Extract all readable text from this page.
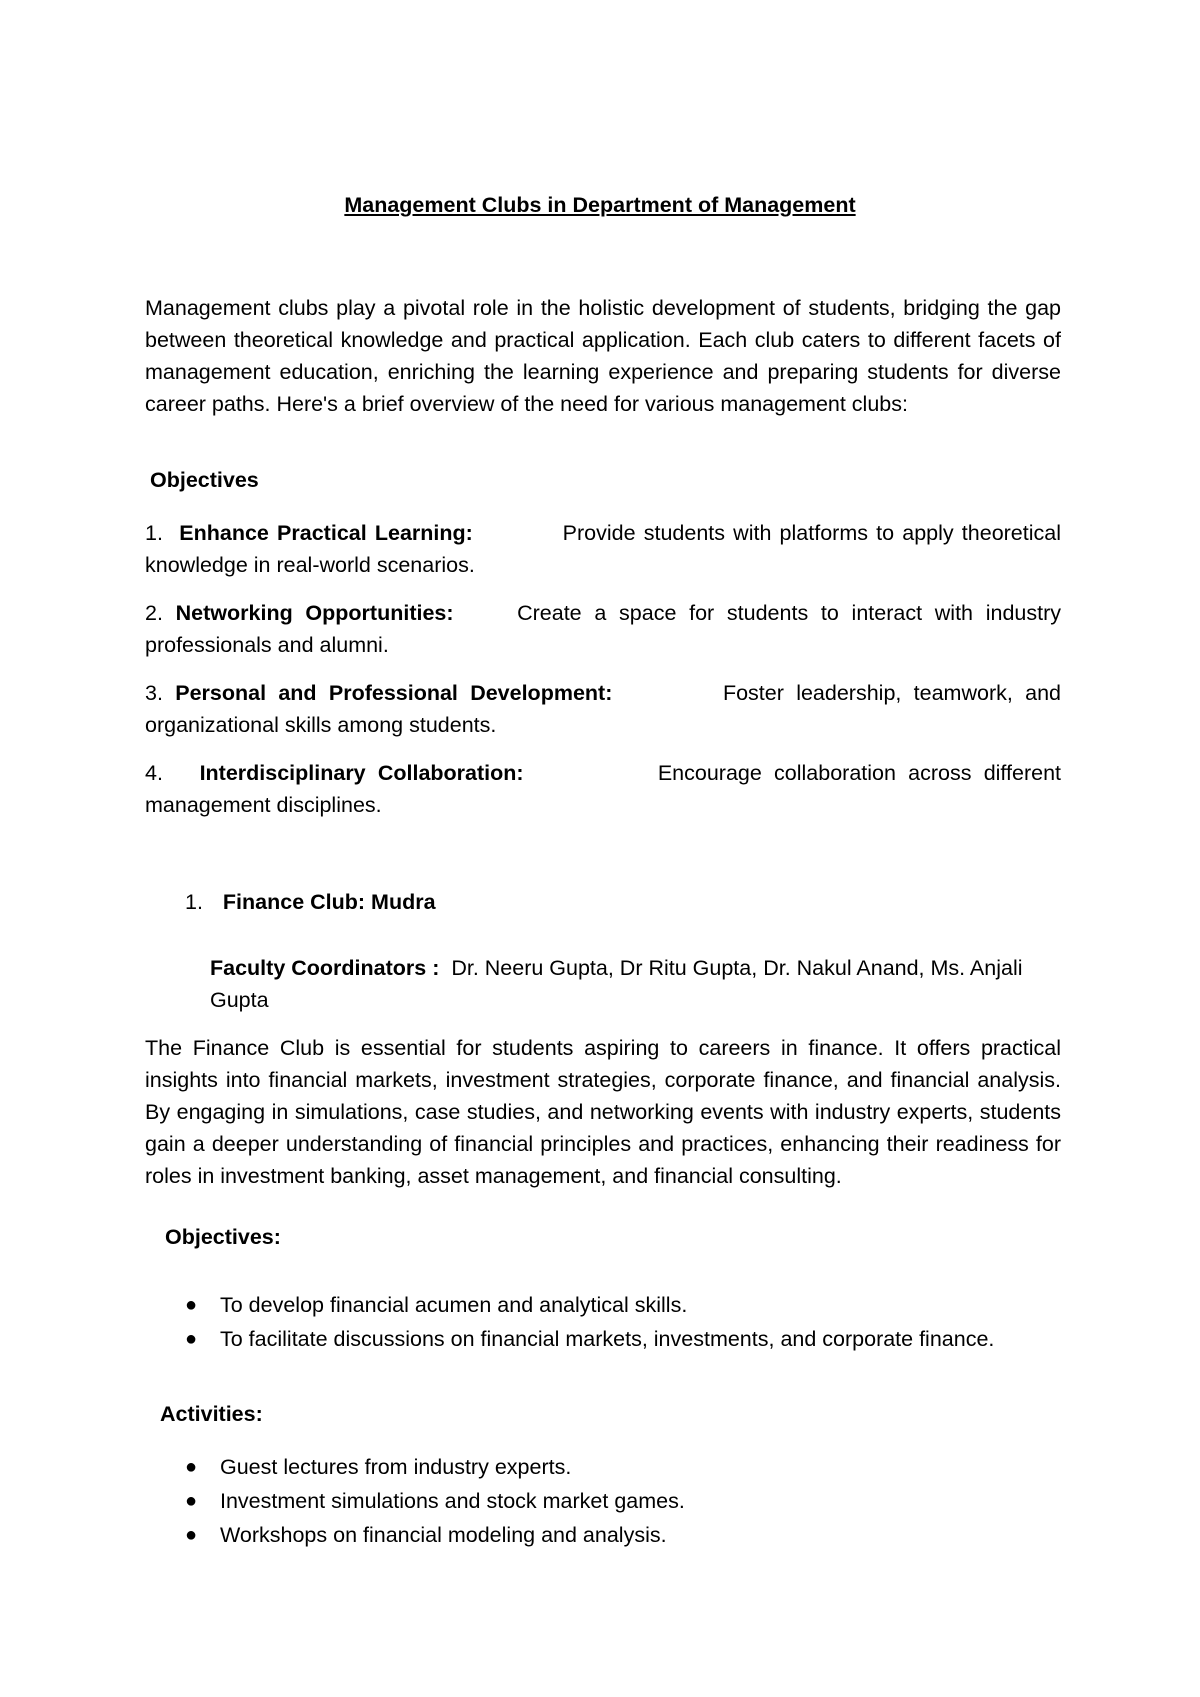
Management Clubs in Department of Management
Management clubs play a pivotal role in the holistic development of students, bridging the gap between theoretical knowledge and practical application. Each club caters to different facets of management education, enriching the learning experience and preparing students for diverse career paths. Here's a brief overview of the need for various management clubs:
Objectives
1. Enhance Practical Learning:	Provide students with platforms to apply theoretical knowledge in real-world scenarios.
2. Networking Opportunities:	Create a space for students to interact with industry professionals and alumni.
3. Personal and Professional Development:	Foster leadership, teamwork, and organizational skills among students.
4. Interdisciplinary Collaboration:	Encourage collaboration across different management disciplines.
1. Finance Club: Mudra
Faculty Coordinators : Dr. Neeru Gupta, Dr Ritu Gupta, Dr. Nakul Anand, Ms. Anjali Gupta
The Finance Club is essential for students aspiring to careers in finance. It offers practical insights into financial markets, investment strategies, corporate finance, and financial analysis. By engaging in simulations, case studies, and networking events with industry experts, students gain a deeper understanding of financial principles and practices, enhancing their readiness for roles in investment banking, asset management, and financial consulting.
Objectives:
● To develop financial acumen and analytical skills.
● To facilitate discussions on financial markets, investments, and corporate finance.
Activities:
● Guest lectures from industry experts.
● Investment simulations and stock market games.
● Workshops on financial modeling and analysis.
